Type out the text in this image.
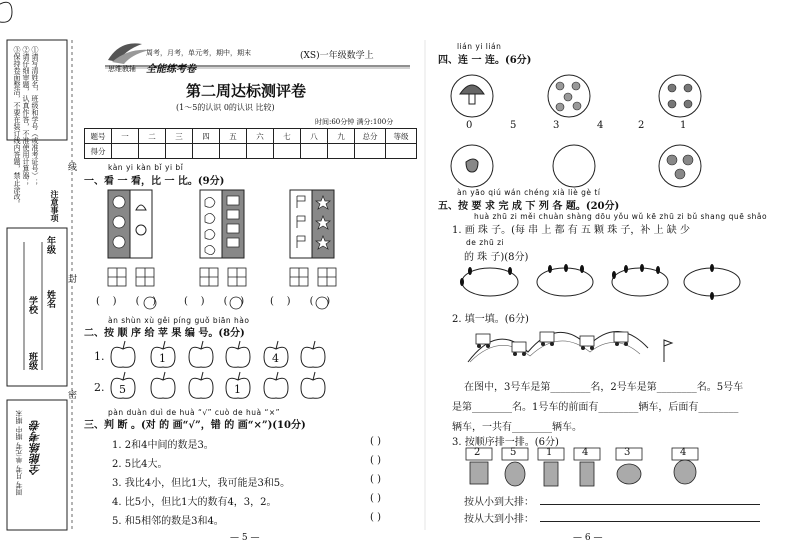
①请写清姓名，班级和学号（或准考证号）；
②请仔细审题，认真作答，不准使用计算器；
③保持卷面整洁，不要在装订线内答题，禁止涂改。	注意事项
学校
班级
年级
姓名
线
封
密
周考 月考 单元考 期中 期末 全能练考卷
思维教辅
周考，月考，单元考，期中，期末
全能练考卷
(XS)一年级数学上
第二周达标测评卷
(1～5的认识 0的认识 比较)
时间:60分钟 满分:100分
题号	一	二	三	四	五	六	七	八	九	总分	等级
得分											
kàn yi kàn bǐ yi bǐ
一、看 一 看，比 一 比。(9分)
(    )      (    )	(    )      (    )	(    )      (    )
àn shùn xù gěi píng guǒ biān hào
二、按 顺 序 给 苹 果 编 号。(8分)
1.
2.
1	4
5	1
pàn duàn duì de huà “√” cuò de huà “×”
三、判 断 。(对 的 画“√”，错 的 画“×”)(10分)
1. 2和4中间的数是3。
2. 5比4大。
3. 我比4小，但比1大，我可能是3和5。
4. 比5小，但比1大的数有4，3，2。
5. 和5相邻的数是3和4。
( )
( )
( )
( )
( )
— 5 —
lián yi lián
四、连 一 连。(6分)
0	5	3	4	2	1
àn yāo qiú wán chéng xià liè gè tí
五、按 要 求 完 成 下 列 各 题。(20分)
huà zhū zi měi chuàn shàng dōu yǒu wǔ kē zhū zi bǔ shang quē shǎo
1. 画 珠 子。(每 串 上 都 有 五 颗 珠 子，补 上 缺 少
de zhū zi
的 珠 子)(8分)
2. 填一填。(6分)
在图中，3号车是第________名，2号车是第________名。5号车
是第________名。1号车的前面有________辆车，后面有________
辆车，一共有________辆车。
3. 按顺序排一排。(6分)
2	5	1	4	3	4
按从小到大排：
按从大到小排：
— 6 —
